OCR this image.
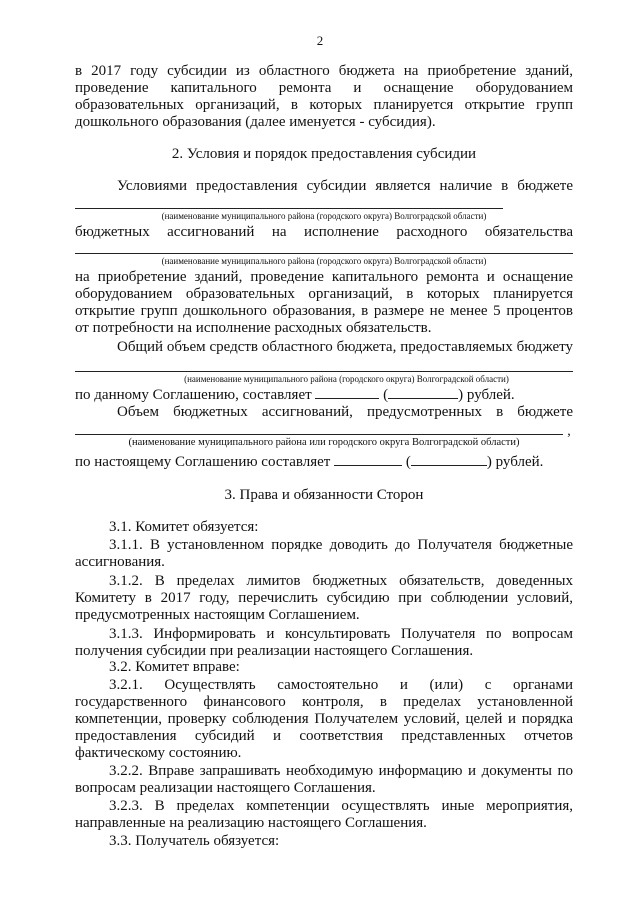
2
в 2017 году субсидии из областного бюджета на приобретение зданий,
проведение капитального ремонта и оснащение оборудованием
образовательных организаций, в которых планируется открытие групп
дошкольного образования (далее именуется - субсидия).
2. Условия и порядок предоставления субсидии
Условиями предоставления субсидии является наличие в бюджете
(наименование муниципального района (городского округа) Волгоградской области)
бюджетных ассигнований на исполнение расходного обязательства
(наименование муниципального района (городского округа) Волгоградской области)
на приобретение зданий, проведение капитального ремонта и оснащение
оборудованием образовательных организаций, в которых планируется
открытие групп дошкольного образования, в размере не менее 5 процентов
от потребности на исполнение расходных обязательств.
Общий объем средств областного бюджета, предоставляемых бюджету
(наименование муниципального района (городского округа) Волгоградской области)
по данному Соглашению, составляет	(	) рублей.
Объем бюджетных ассигнований, предусмотренных в бюджете
,
(наименование муниципального района или городского округа Волгоградской области)
по настоящему Соглашению составляет	(	) рублей.
3. Права и обязанности Сторон
3.1. Комитет обязуется:
3.1.1. В установленном порядке доводить до Получателя бюджетные
ассигнования.
3.1.2. В пределах лимитов бюджетных обязательств, доведенных
Комитету в 2017 году, перечислить субсидию при соблюдении условий,
предусмотренных настоящим Соглашением.
3.1.3. Информировать и консультировать Получателя по вопросам
получения субсидии при реализации настоящего Соглашения.
3.2. Комитет вправе:
3.2.1. Осуществлять самостоятельно и (или) с органами
государственного финансового контроля, в пределах установленной
компетенции, проверку соблюдения Получателем условий, целей и порядка
предоставления субсидий и соответствия представленных отчетов
фактическому состоянию.
3.2.2. Вправе запрашивать необходимую информацию и документы по
вопросам реализации настоящего Соглашения.
3.2.3. В пределах компетенции осуществлять иные мероприятия,
направленные на реализацию настоящего Соглашения.
3.3. Получатель обязуется:
